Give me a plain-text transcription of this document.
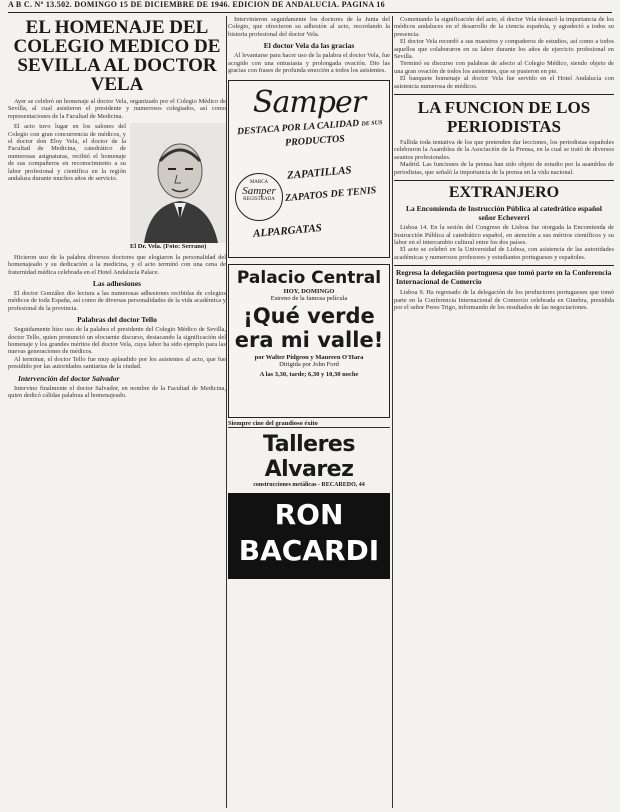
A B C. Nº 13.502. DOMINGO 15 DE DICIEMBRE DE 1946. EDICION DE ANDALUCIA. PAGINA 16
EL HOMENAJE DEL COLEGIO MEDICO DE SEVILLA AL DOCTOR VELA

Ayer se celebró un homenaje al doctor Vela, organizado por el Colegio Médico de Sevilla, al cual asistieron el presidente y numerosos colegiados, así como representaciones de la Facultad de Medicina.

El acto tuvo lugar en los salones del Colegio con gran concurrencia de médicos, y el doctor don Eloy Vela, el doctor de la Facultad de Medicina, catedrático de numerosas asignaturas, recibió el homenaje de sus compañeros en reconocimiento a su labor profesional y científica en la región andaluza durante muchos años de servicio.

El Dr. Vela. (Foto: Serrano)

Hicieron uso de la palabra diversos doctores que elogiaron la personalidad del homenajeado y su dedicación a la medicina, y el acto terminó con una cena de fraternidad médica celebrada en el Hotel Andalucía Palace.

Las adhesiones

El doctor González dio lectura a las numerosas adhesiones recibidas de colegios médicos de toda España, así como de diversas personalidades de la vida académica y profesional de la provincia.

Palabras del doctor Tello

Seguidamente hizo uso de la palabra el presidente del Colegio Médico de Sevilla, doctor Tello, quien pronunció un elocuente discurso, destacando la significación del homenaje y los grandes méritos del doctor Vela, cuya labor ha sido ejemplo para las nuevas generaciones de médicos.

Al terminar, el doctor Tello fue muy aplaudido por los asistentes al acto, que fue presidido por las autoridades sanitarias de la ciudad.

Intervención del doctor Salvador

Intervino finalmente el doctor Salvador, en nombre de la Facultad de Medicina, quien dedicó cálidas palabras al homenajeado.

Intervinieron seguidamente los doctores de la Junta del Colegio, que ofrecieron su adhesión al acto, recordando la historia profesional del doctor Vela.

El doctor Vela da las gracias

Al levantarse para hacer uso de la palabra el doctor Vela, fue acogido con una entusiasta y prolongada ovación. Dio las gracias con frases de profunda emoción a todos los asistentes.

Samper
DESTACA POR LA CALIDAD DE SUS
PRODUCTOS
MARCA
Samper
REGISTRADA
ZAPATILLAS
ZAPATOS DE TENIS
ALPARGATAS
Palacio Central
HOY, DOMINGO
Estreno de la famosa película
¡Qué verde era mi valle!
por Walter Pidgeon y Maureen O'Hara
Dirigida por John Ford
A las 3,30, tarde; 6,30 y 10,30 noche
Siempre cine del grandioso éxito
Talleres Alvarez
construcciones metálicas - RECAREDO, 44
RON
BACARDI

Comentando la significación del acto, el doctor Vela destacó la importancia de los médicos andaluces en el desarrollo de la ciencia española, y agradeció a todos su presencia.

El doctor Vela recordó a sus maestros y compañeros de estudios, así como a todos aquellos que colaboraron en su labor durante los años de ejercicio profesional en Sevilla.

Terminó su discurso con palabras de afecto al Colegio Médico, siendo objeto de una gran ovación de todos los asistentes, que se pusieron en pie.

El banquete homenaje al doctor Vela fue servido en el Hotel Andalucía con asistencia numerosa de médicos.

LA FUNCION DE LOS PERIODISTAS

Fallida toda tentativa de los que pretenden dar lecciones, los periodistas españoles celebraron la Asamblea de la Asociación de la Prensa, en la cual se trató de diversos asuntos profesionales.

Madrid. Las funciones de la prensa han sido objeto de estudio por la asamblea de periodistas, que señaló la importancia de la prensa en la vida nacional.

EXTRANJERO
La Encomienda de Instrucción Pública al catedrático español señor Echeverri

Lisboa 14. En la sesión del Congreso de Lisboa fue otorgada la Encomienda de Instrucción Pública al catedrático español, en atención a sus méritos científicos y su labor en el intercambio cultural entre los dos países.

El acto se celebró en la Universidad de Lisboa, con asistencia de las autoridades académicas y numerosos profesores y estudiantes portugueses y españoles.

Regresa la delegación portuguesa que tomó parte en la Conferencia Internacional de Comercio

Lisboa 9. Ha regresado de la delegación de los productores portugueses que tomó parte en la Conferencia Internacional de Comercio celebrada en Ginebra, presidida por el señor Peres Trigo, informando de los resultados de las negociaciones.
